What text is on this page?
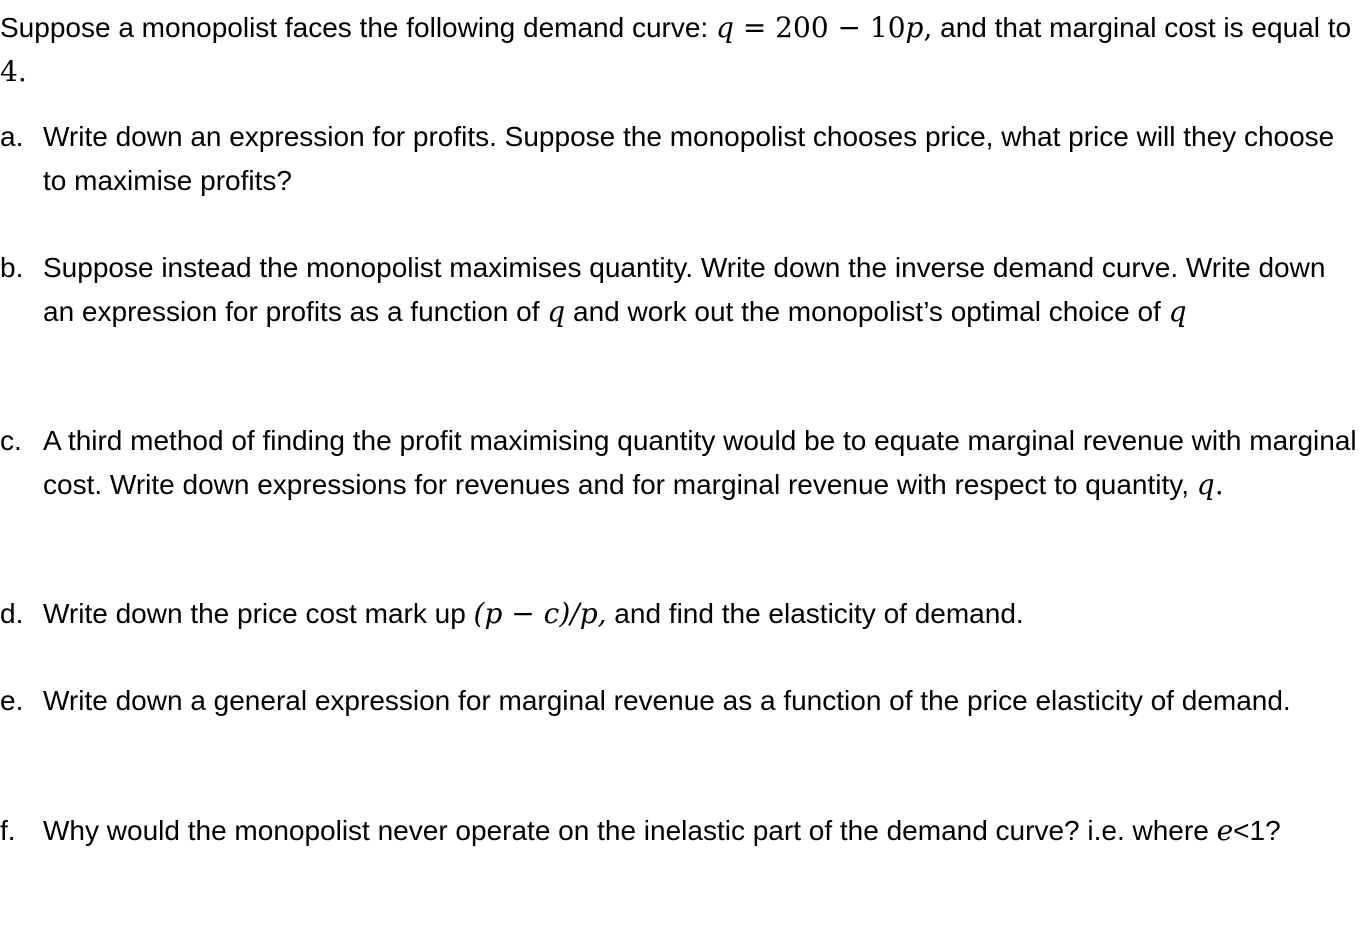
Suppose a monopolist faces the following demand curve: q = 200 − 10p, and that marginal cost is equal to 4.

a. Write down an expression for profits. Suppose the monopolist chooses price, what price will they choose to maximise profits?
b. Suppose instead the monopolist maximises quantity. Write down the inverse demand curve. Write down an expression for profits as a function of q and work out the monopolist’s optimal choice of q
c. A third method of finding the profit maximising quantity would be to equate marginal revenue with marginal cost. Write down expressions for revenues and for marginal revenue with respect to quantity, q.
d. Write down the price cost mark up (p − c)/p, and find the elasticity of demand.
e. Write down a general expression for marginal revenue as a function of the price elasticity of demand.
f. Why would the monopolist never operate on the inelastic part of the demand curve? i.e. where e<1?
